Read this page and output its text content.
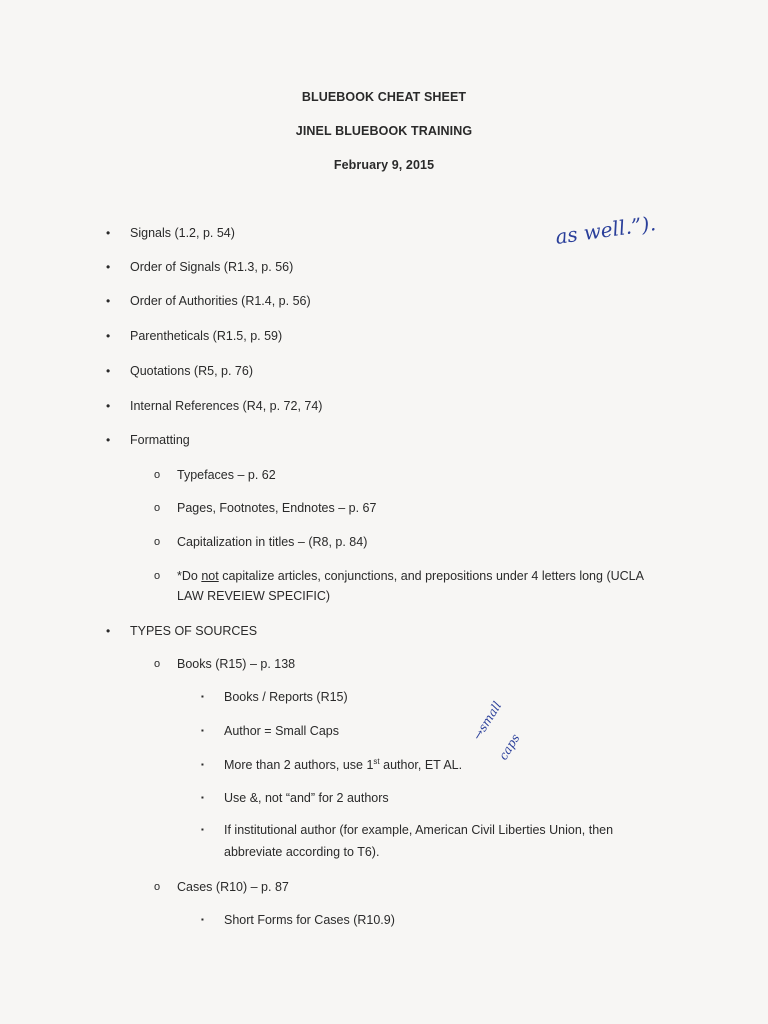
BLUEBOOK CHEAT SHEET
JINEL BLUEBOOK TRAINING
February 9, 2015
• Signals (1.2, p. 54)
• Order of Signals (R1.3, p. 56)
• Order of Authorities (R1.4, p. 56)
• Parentheticals (R1.5, p. 59)
• Quotations (R5, p. 76)
• Internal References (R4, p. 72, 74)
• Formatting
o Typefaces – p. 62
o Pages, Footnotes, Endnotes – p. 67
o Capitalization in titles – (R8, p. 84)
o *Do not capitalize articles, conjunctions, and prepositions under 4 letters long (UCLA
LAW REVEIEW SPECIFIC)
• TYPES OF SOURCES
o Books (R15) – p. 138
▪ Books / Reports (R15)
▪ Author = Small Caps
▪ More than 2 authors, use 1st author, ET AL.
▪ Use &, not “and” for 2 authors
▪ If institutional author (for example, American Civil Liberties Union, then
abbreviate according to T6).
o Cases (R10) – p. 87
▪ Short Forms for Cases (R10.9)
as well.”).
→small
caps
